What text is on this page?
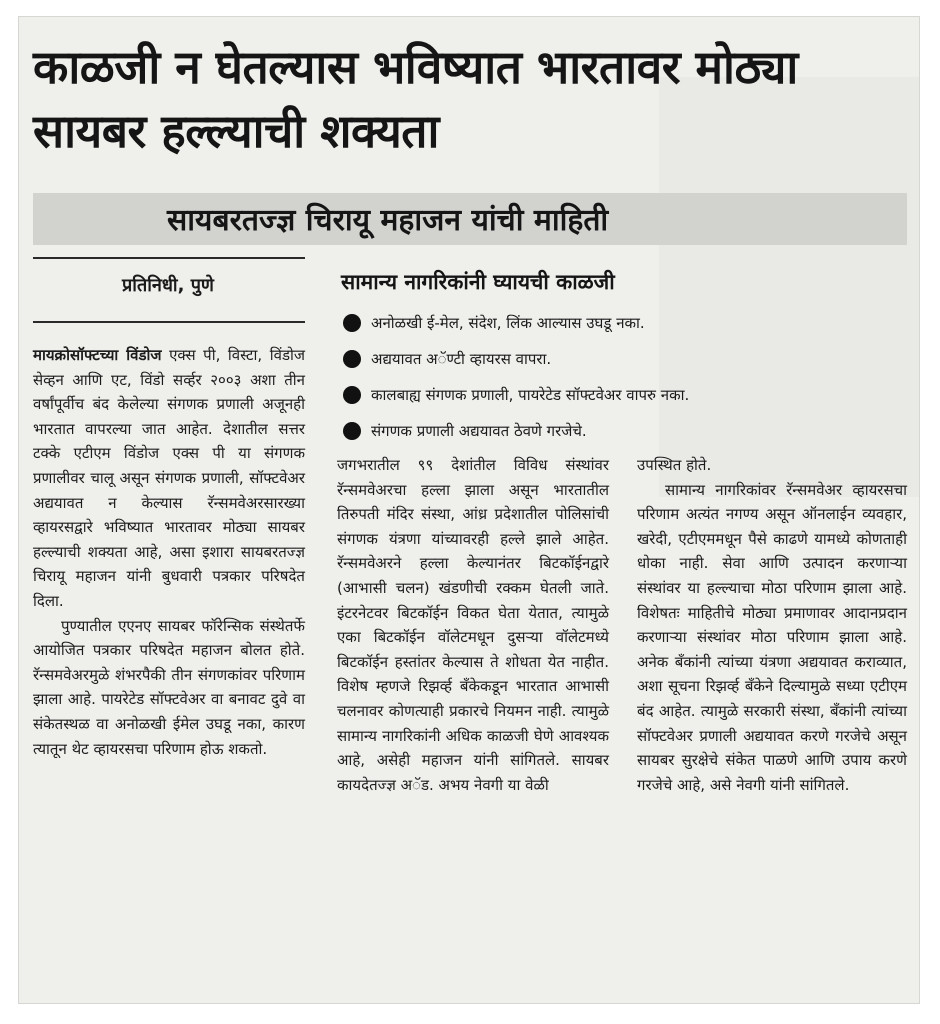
काळजी न घेतल्यास भविष्यात भारतावर मोठ्या सायबर हल्ल्याची शक्यता
सायबरतज्ज्ञ चिरायू महाजन यांची माहिती
प्रतिनिधी, पुणे	सामान्य नागरिकांनी घ्यायची काळजी
अनोळखी ई-मेल, संदेश, लिंक आल्यास उघडू नका.
अद्ययावत अॅण्टी व्हायरस वापरा.
कालबाह्य संगणक प्रणाली, पायरेटेड सॉफ्टवेअर वापरु नका.
संगणक प्रणाली अद्ययावत ठेवणे गरजेचे.

मायक्रोसॉफ्टच्या विंडोज एक्स पी, विस्टा, विंडोज सेव्हन आणि एट, विंडो सर्व्हर २००३ अशा तीन वर्षांपूर्वीच बंद केलेल्या संगणक प्रणाली अजूनही भारतात वापरल्या जात आहेत. देशातील सत्तर टक्के एटीएम विंडोज एक्स पी या संगणक प्रणालीवर चालू असून संगणक प्रणाली, सॉफ्टवेअर अद्ययावत न केल्यास रॅन्समवेअरसारख्या व्हायरसद्वारे भविष्यात भारतावर मोठ्या सायबर हल्ल्याची शक्यता आहे, असा इशारा सायबरतज्ज्ञ चिरायू महाजन यांनी बुधवारी पत्रकार परिषदेत दिला.

पुण्यातील एएनए सायबर फॉरेन्सिक संस्थेतर्फे आयोजित पत्रकार परिषदेत महाजन बोलत होते. रॅन्समवेअरमुळे शंभरपैकी तीन संगणकांवर परिणाम झाला आहे. पायरेटेड सॉफ्टवेअर वा बनावट दुवे वा संकेतस्थळ वा अनोळखी ईमेल उघडू नका, कारण त्यातून थेट व्हायरसचा परिणाम होऊ शकतो.

जगभरातील ९९ देशांतील विविध संस्थांवर रॅन्समवेअरचा हल्ला झाला असून भारतातील तिरुपती मंदिर संस्था, आंध्र प्रदेशातील पोलिसांची संगणक यंत्रणा यांच्यावरही हल्ले झाले आहेत. रॅन्समवेअरने हल्ला केल्यानंतर बिटकॉईनद्वारे (आभासी चलन) खंडणीची रक्कम घेतली जाते. इंटरनेटवर बिटकॉईन विकत घेता येतात, त्यामुळे एका बिटकॉईन वॉलेटमधून दुसऱ्या वॉलेटमध्ये बिटकॉईन हस्तांतर केल्यास ते शोधता येत नाहीत. विशेष म्हणजे रिझर्व्ह बँकेकडून भारतात आभासी चलनावर कोणत्याही प्रकारचे नियमन नाही. त्यामुळे सामान्य नागरिकांनी अधिक काळजी घेणे आवश्यक आहे, असेही महाजन यांनी सांगितले. सायबर कायदेतज्ज्ञ अॅड. अभय नेवगी या वेळी

उपस्थित होते.

सामान्य नागरिकांवर रॅन्समवेअर व्हायरसचा परिणाम अत्यंत नगण्य असून ऑनलाईन व्यवहार, खरेदी, एटीएममधून पैसे काढणे यामध्ये कोणताही धोका नाही. सेवा आणि उत्पादन करणाऱ्या संस्थांवर या हल्ल्याचा मोठा परिणाम झाला आहे. विशेषतः माहितीचे मोठ्या प्रमाणावर आदानप्रदान करणाऱ्या संस्थांवर मोठा परिणाम झाला आहे. अनेक बँकांनी त्यांच्या यंत्रणा अद्ययावत कराव्यात, अशा सूचना रिझर्व्ह बँकेने दिल्यामुळे सध्या एटीएम बंद आहेत. त्यामुळे सरकारी संस्था, बँकांनी त्यांच्या सॉफ्टवेअर प्रणाली अद्ययावत करणे गरजेचे असून सायबर सुरक्षेचे संकेत पाळणे आणि उपाय करणे गरजेचे आहे, असे नेवगी यांनी सांगितले.
